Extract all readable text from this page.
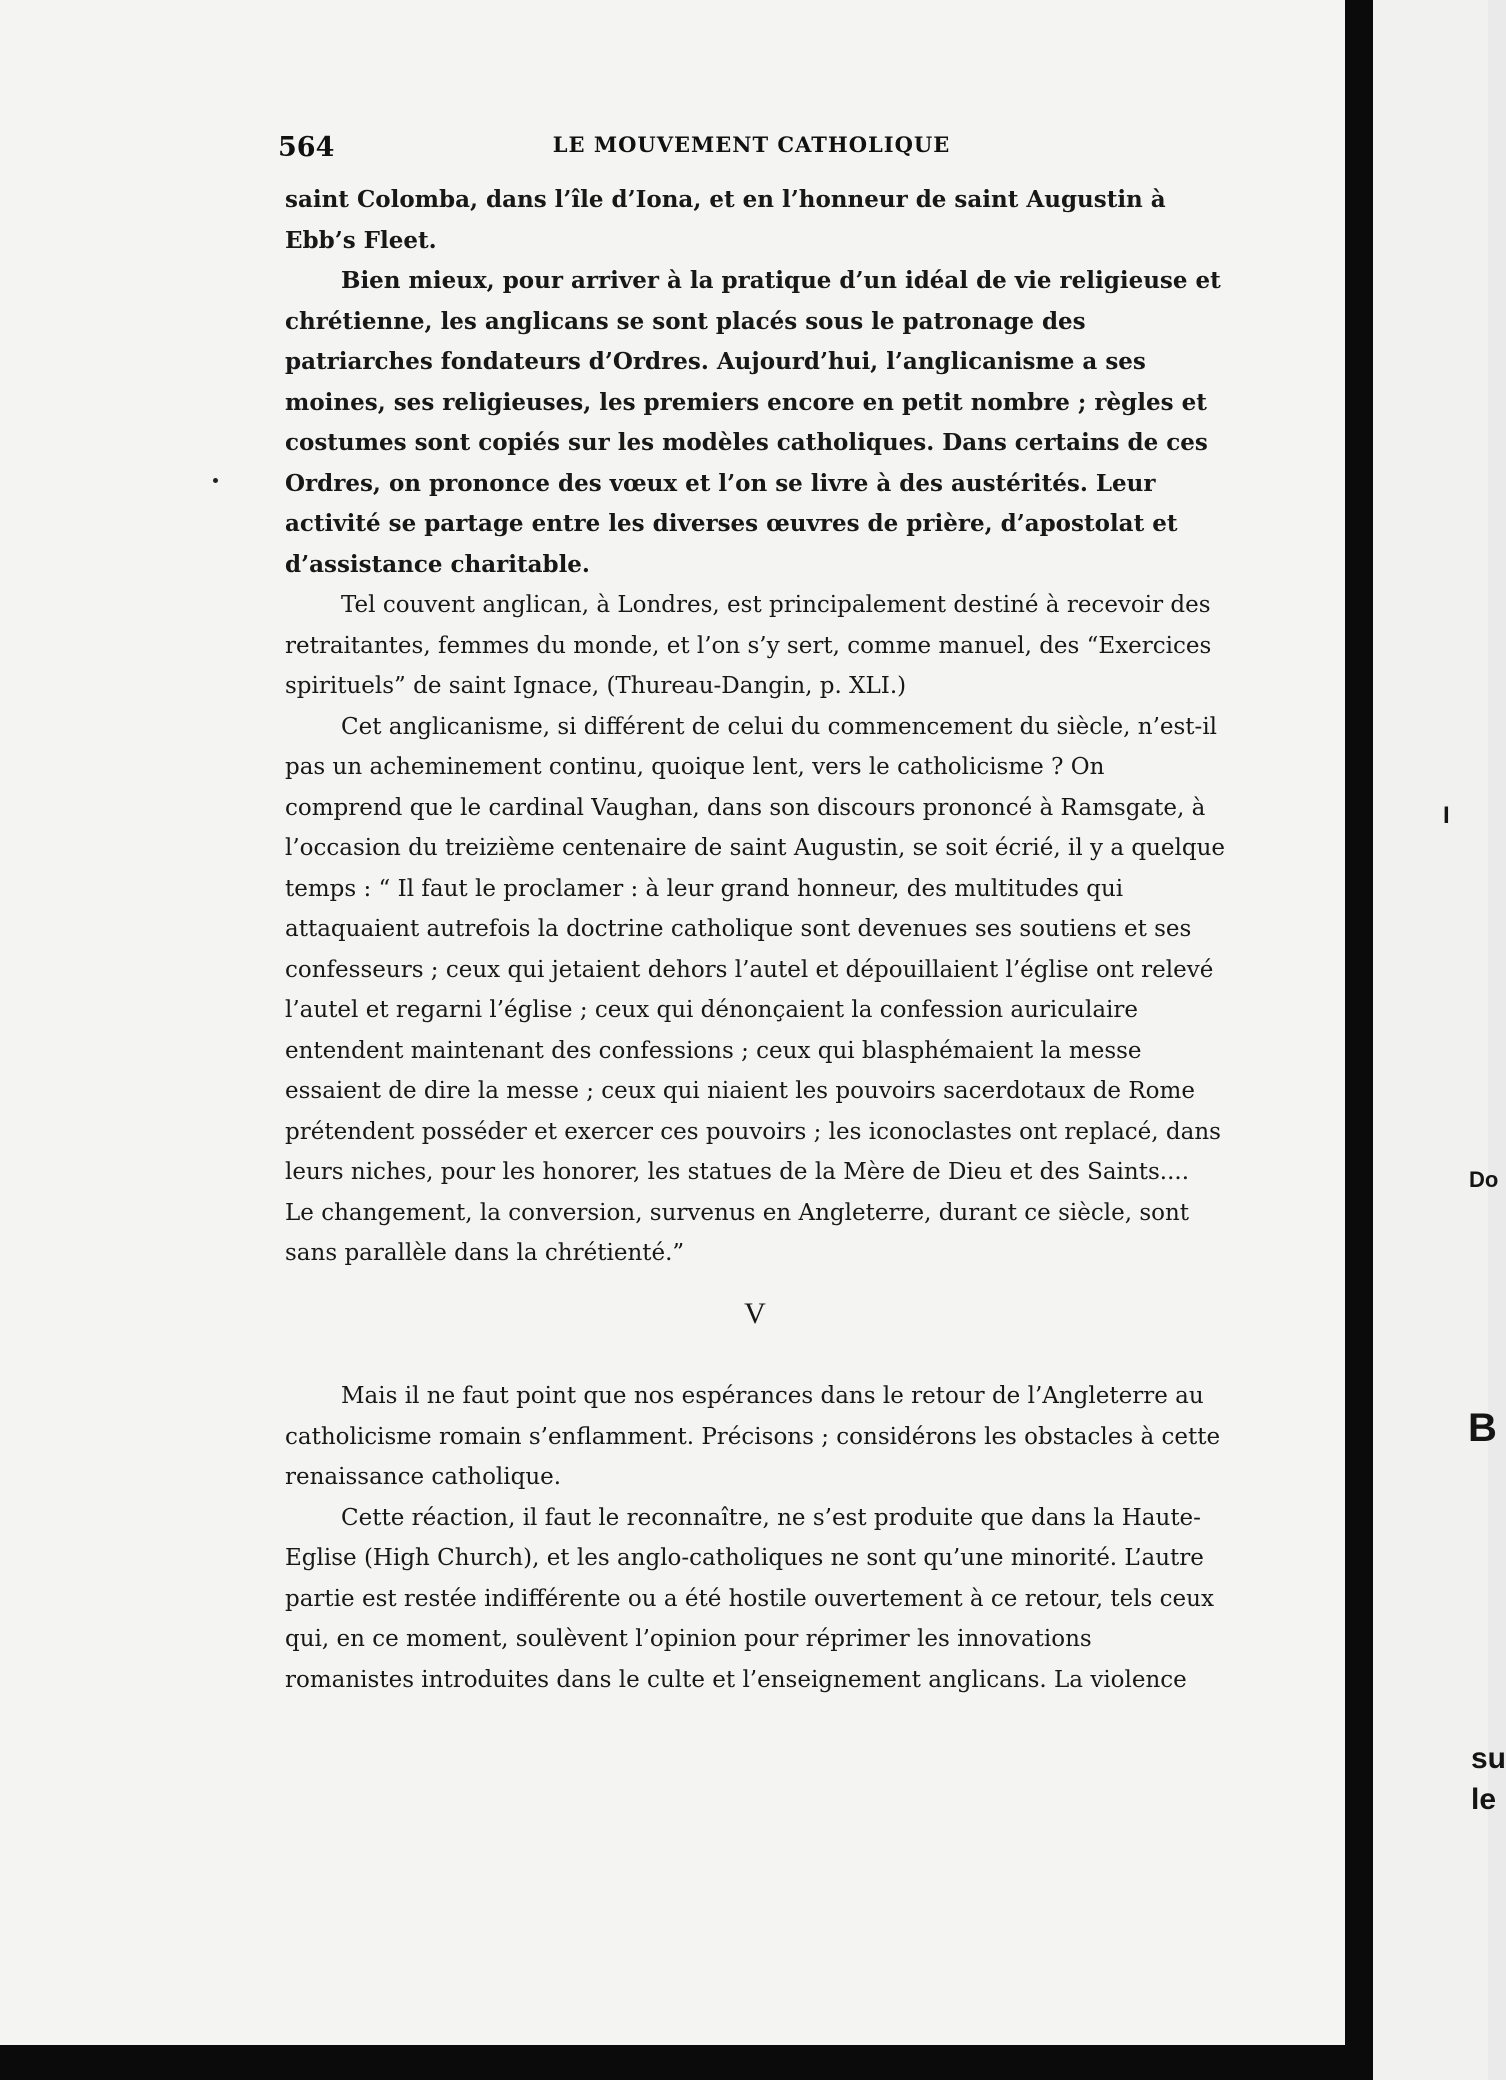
564	LE MOUVEMENT CATHOLIQUE

saint Colomba, dans l’île d’Iona, et en l’honneur de saint Augustin à Ebb’s Fleet.

Bien mieux, pour arriver à la pratique d’un idéal de vie religieuse et chrétienne, les anglicans se sont placés sous le patronage des patriarches fondateurs d’Ordres. Aujourd’hui, l’anglicanisme a ses moines, ses religieuses, les premiers encore en petit nombre ; règles et costumes sont copiés sur les modèles catholiques. Dans certains de ces Ordres, on prononce des vœux et l’on se livre à des austérités. Leur activité se partage entre les diverses œuvres de prière, d’apostolat et d’assistance charitable.

Tel couvent anglican, à Londres, est principalement destiné à recevoir des retraitantes, femmes du monde, et l’on s’y sert, comme manuel, des “Exercices spirituels” de saint Ignace, (Thureau-Dangin, p. XLI.)

Cet anglicanisme, si différent de celui du commencement du siècle, n’est-il pas un acheminement continu, quoique lent, vers le catholicisme ? On comprend que le cardinal Vaughan, dans son discours prononcé à Ramsgate, à l’occasion du treizième centenaire de saint Augustin, se soit écrié, il y a quelque temps : “ Il faut le proclamer : à leur grand honneur, des multitudes qui attaquaient autrefois la doctrine catholique sont devenues ses soutiens et ses confesseurs ; ceux qui jetaient dehors l’autel et dépouillaient l’église ont relevé l’autel et regarni l’église ; ceux qui dénonçaient la confession auriculaire entendent maintenant des confessions ; ceux qui blasphémaient la messe essaient de dire la messe ; ceux qui niaient les pouvoirs sacerdotaux de Rome prétendent posséder et exercer ces pouvoirs ; les iconoclastes ont replacé, dans leurs niches, pour les honorer, les statues de la Mère de Dieu et des Saints.... Le changement, la conversion, survenus en Angleterre, durant ce siècle, sont sans parallèle dans la chrétienté.”

V

Mais il ne faut point que nos espérances dans le retour de l’Angleterre au catholicisme romain s’enflamment. Précisons ; considérons les obstacles à cette renaissance catholique.

Cette réaction, il faut le reconnaître, ne s’est produite que dans la Haute-Eglise (High Church), et les anglo-catholiques ne sont qu’une minorité. L’autre partie est restée indifférente ou a été hostile ouvertement à ce retour, tels ceux qui, en ce moment, soulèvent l’opinion pour réprimer les innovations romanistes introduites dans le culte et l’enseignement anglicans. La violence

I
Do
B
su
le
